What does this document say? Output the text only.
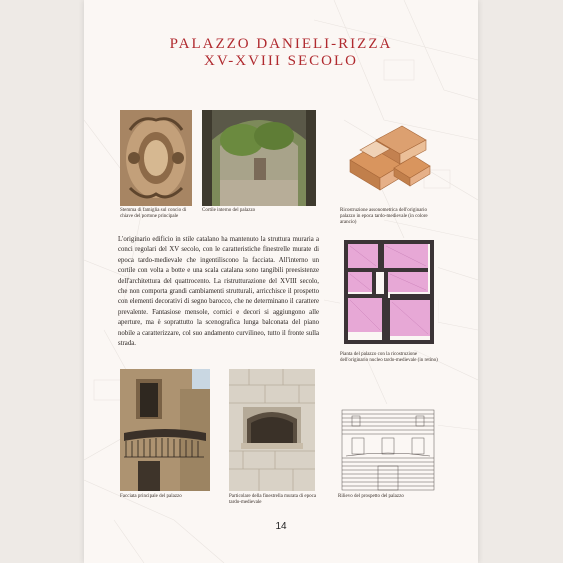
PALAZZO DANIELI-RIZZA
XV-XVIII SECOLO
Stemma di famiglia sul concio di chiave del portone principale
Cortile interno del palazzo	Ricostruzione assonometrica dell'originario palazzo in epoca tardo-medievale (in colore arancio)
L'originario edificio in stile catalano ha mantenuto la struttura muraria a conci regolari del XV secolo, con le caratteristiche finestrelle murate di epoca tardo-medievale che ingentiliscono la facciata. All'interno un cortile con volta a botte e una scala catalana sono tangibili preesistenze dell'architettura del quattrocento. La ristrutturazione del XVIII secolo, che non comporta grandi cambiamenti strutturali, arricchisce il prospetto con elementi decorativi di segno barocco, che ne determinano il carattere prevalente. Fantasiose mensole, cornici e decori si aggiungono alle aperture, ma è soprattutto la scenografica lunga balconata del piano nobile a caratterizzare, col suo andamento curvilineo, tutto il fronte sulla strada.
Pianta del palazzo con la ricostruzione dell'originario nucleo tardo-medievale (in retino)
Facciata principale del palazzo	Particolare della finestrella murata di epoca tardo-medievale
Rilievo del prospetto del palazzo
14
